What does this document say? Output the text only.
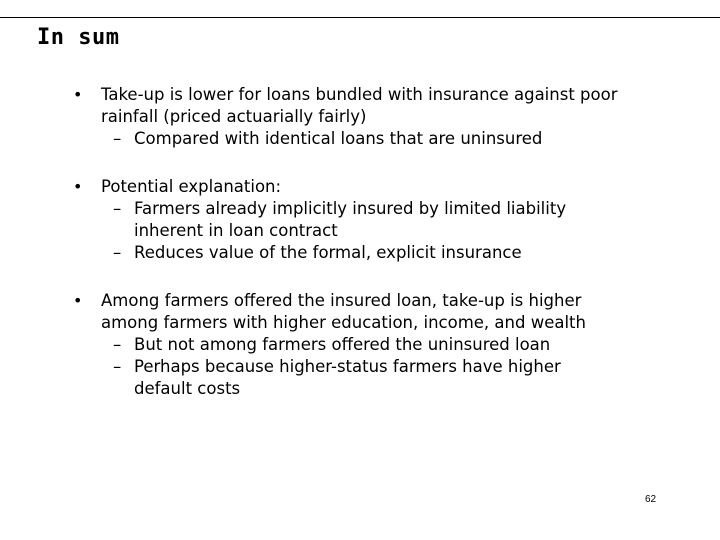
In sum
• Take-up is lower for loans bundled with insurance against poor rainfall (priced actuarially fairly)
– Compared with identical loans that are uninsured
• Potential explanation:
– Farmers already implicitly insured by limited liability inherent in loan contract
– Reduces value of the formal, explicit insurance
• Among farmers offered the insured loan, take-up is higher among farmers with higher education, income, and wealth
– But not among farmers offered the uninsured loan
– Perhaps because higher-status farmers have higher default costs
62
